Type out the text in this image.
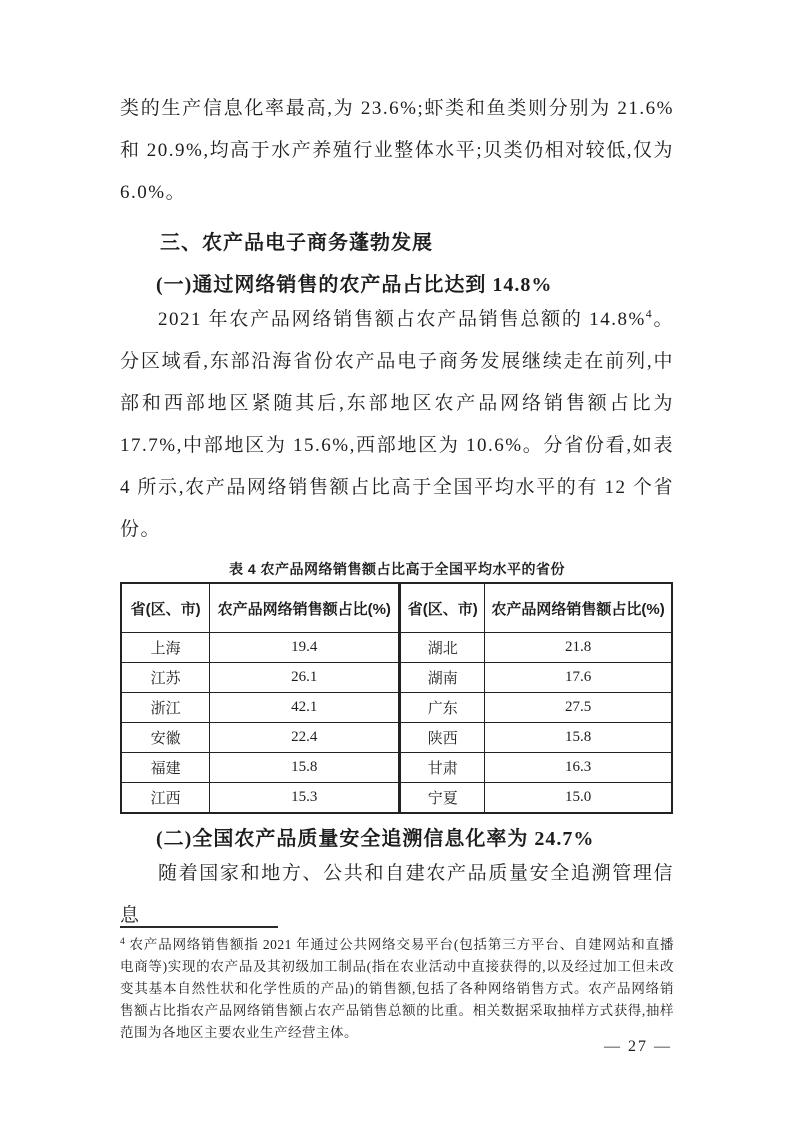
类的生产信息化率最高,为 23.6%;虾类和鱼类则分别为 21.6%和 20.9%,均高于水产养殖行业整体水平;贝类仍相对较低,仅为 6.0%。

三、农产品电子商务蓬勃发展
(一)通过网络销售的农产品占比达到 14.8%

2021 年农产品网络销售额占农产品销售总额的 14.8%$^4$。分区域看,东部沿海省份农产品电子商务发展继续走在前列,中部和西部地区紧随其后,东部地区农产品网络销售额占比为 17.7%,中部地区为 15.6%,西部地区为 10.6%。分省份看,如表 4 所示,农产品网络销售额占比高于全国平均水平的有 12 个省份。

表 4 农产品网络销售额占比高于全国平均水平的省份
省(区、市)	农产品网络销售额占比(%)	省(区、市)	农产品网络销售额占比(%)
上海	19.4	湖北	21.8
江苏	26.1	湖南	17.6
浙江	42.1	广东	27.5
安徽	22.4	陕西	15.8
福建	15.8	甘肃	16.3
江西	15.3	宁夏	15.0
(二)全国农产品质量安全追溯信息化率为 24.7%

随着国家和地方、公共和自建农产品质量安全追溯管理信息

$^4$ 农产品网络销售额指 2021 年通过公共网络交易平台(包括第三方平台、自建网站和直播电商等)实现的农产品及其初级加工制品(指在农业活动中直接获得的,以及经过加工但未改变其基本自然性状和化学性质的产品)的销售额,包括了各种网络销售方式。农产品网络销售额占比指农产品网络销售额占农产品销售总额的比重。相关数据采取抽样方式获得,抽样范围为各地区主要农业生产经营主体。

— 27 —
